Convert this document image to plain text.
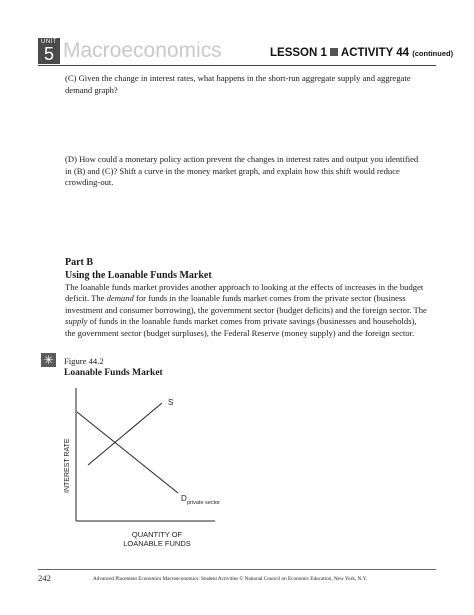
UNIT
5 Macroeconomics	LESSON 1 ACTIVITY 44 (continued)
(C) Given the change in interest rates, what happens in the short-run aggregate supply and aggregate demand graph?
(D) How could a monetary policy action prevent the changes in interest rates and output you identified in (B) and (C)? Shift a curve in the money market graph, and explain how this shift would reduce crowding-out.
Part B
Using the Loanable Funds Market
The loanable funds market provides another approach to looking at the effects of increases in the budget deficit. The demand for funds in the loanable funds market comes from the private sector (business investment and consumer borrowing), the government sector (budget deficits) and the foreign sector. The supply of funds in the loanable funds market comes from private savings (businesses and households), the government sector (budget surpluses), the Federal Reserve (money supply) and the foreign sector.
✳ Figure 44.2
Loanable Funds Market
S
D private sector
INTEREST RATE
QUANTITY OF
LOANABLE FUNDS
242	Advanced Placement Economics Macroeconomics: Student Activities © National Council on Economic Education, New York, N.Y.
